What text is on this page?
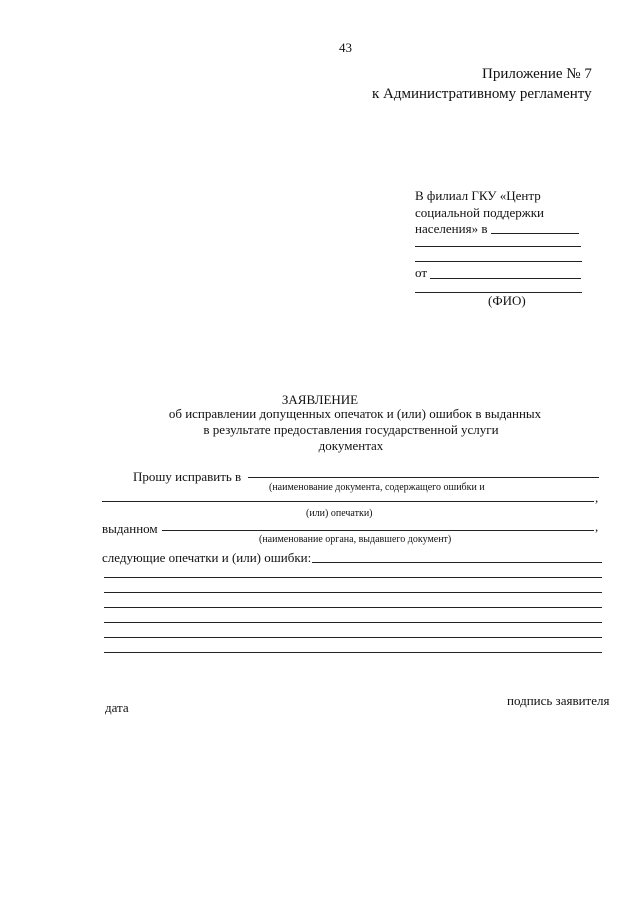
43
Приложение № 7
к Административному регламенту
В филиал ГКУ «Центр
социальной поддержки
населения» в
от
(ФИО)
ЗАЯВЛЕНИЕ
об исправлении допущенных опечаток и (или) ошибок в выданных
в результате предоставления государственной услуги
документах
Прошу исправить в
(наименование документа, содержащего ошибки и
,
(или) опечатки)
выданном	,
(наименование органа, выдавшего документ)
следующие опечатки и (или) ошибки:
дата	подпись заявителя
